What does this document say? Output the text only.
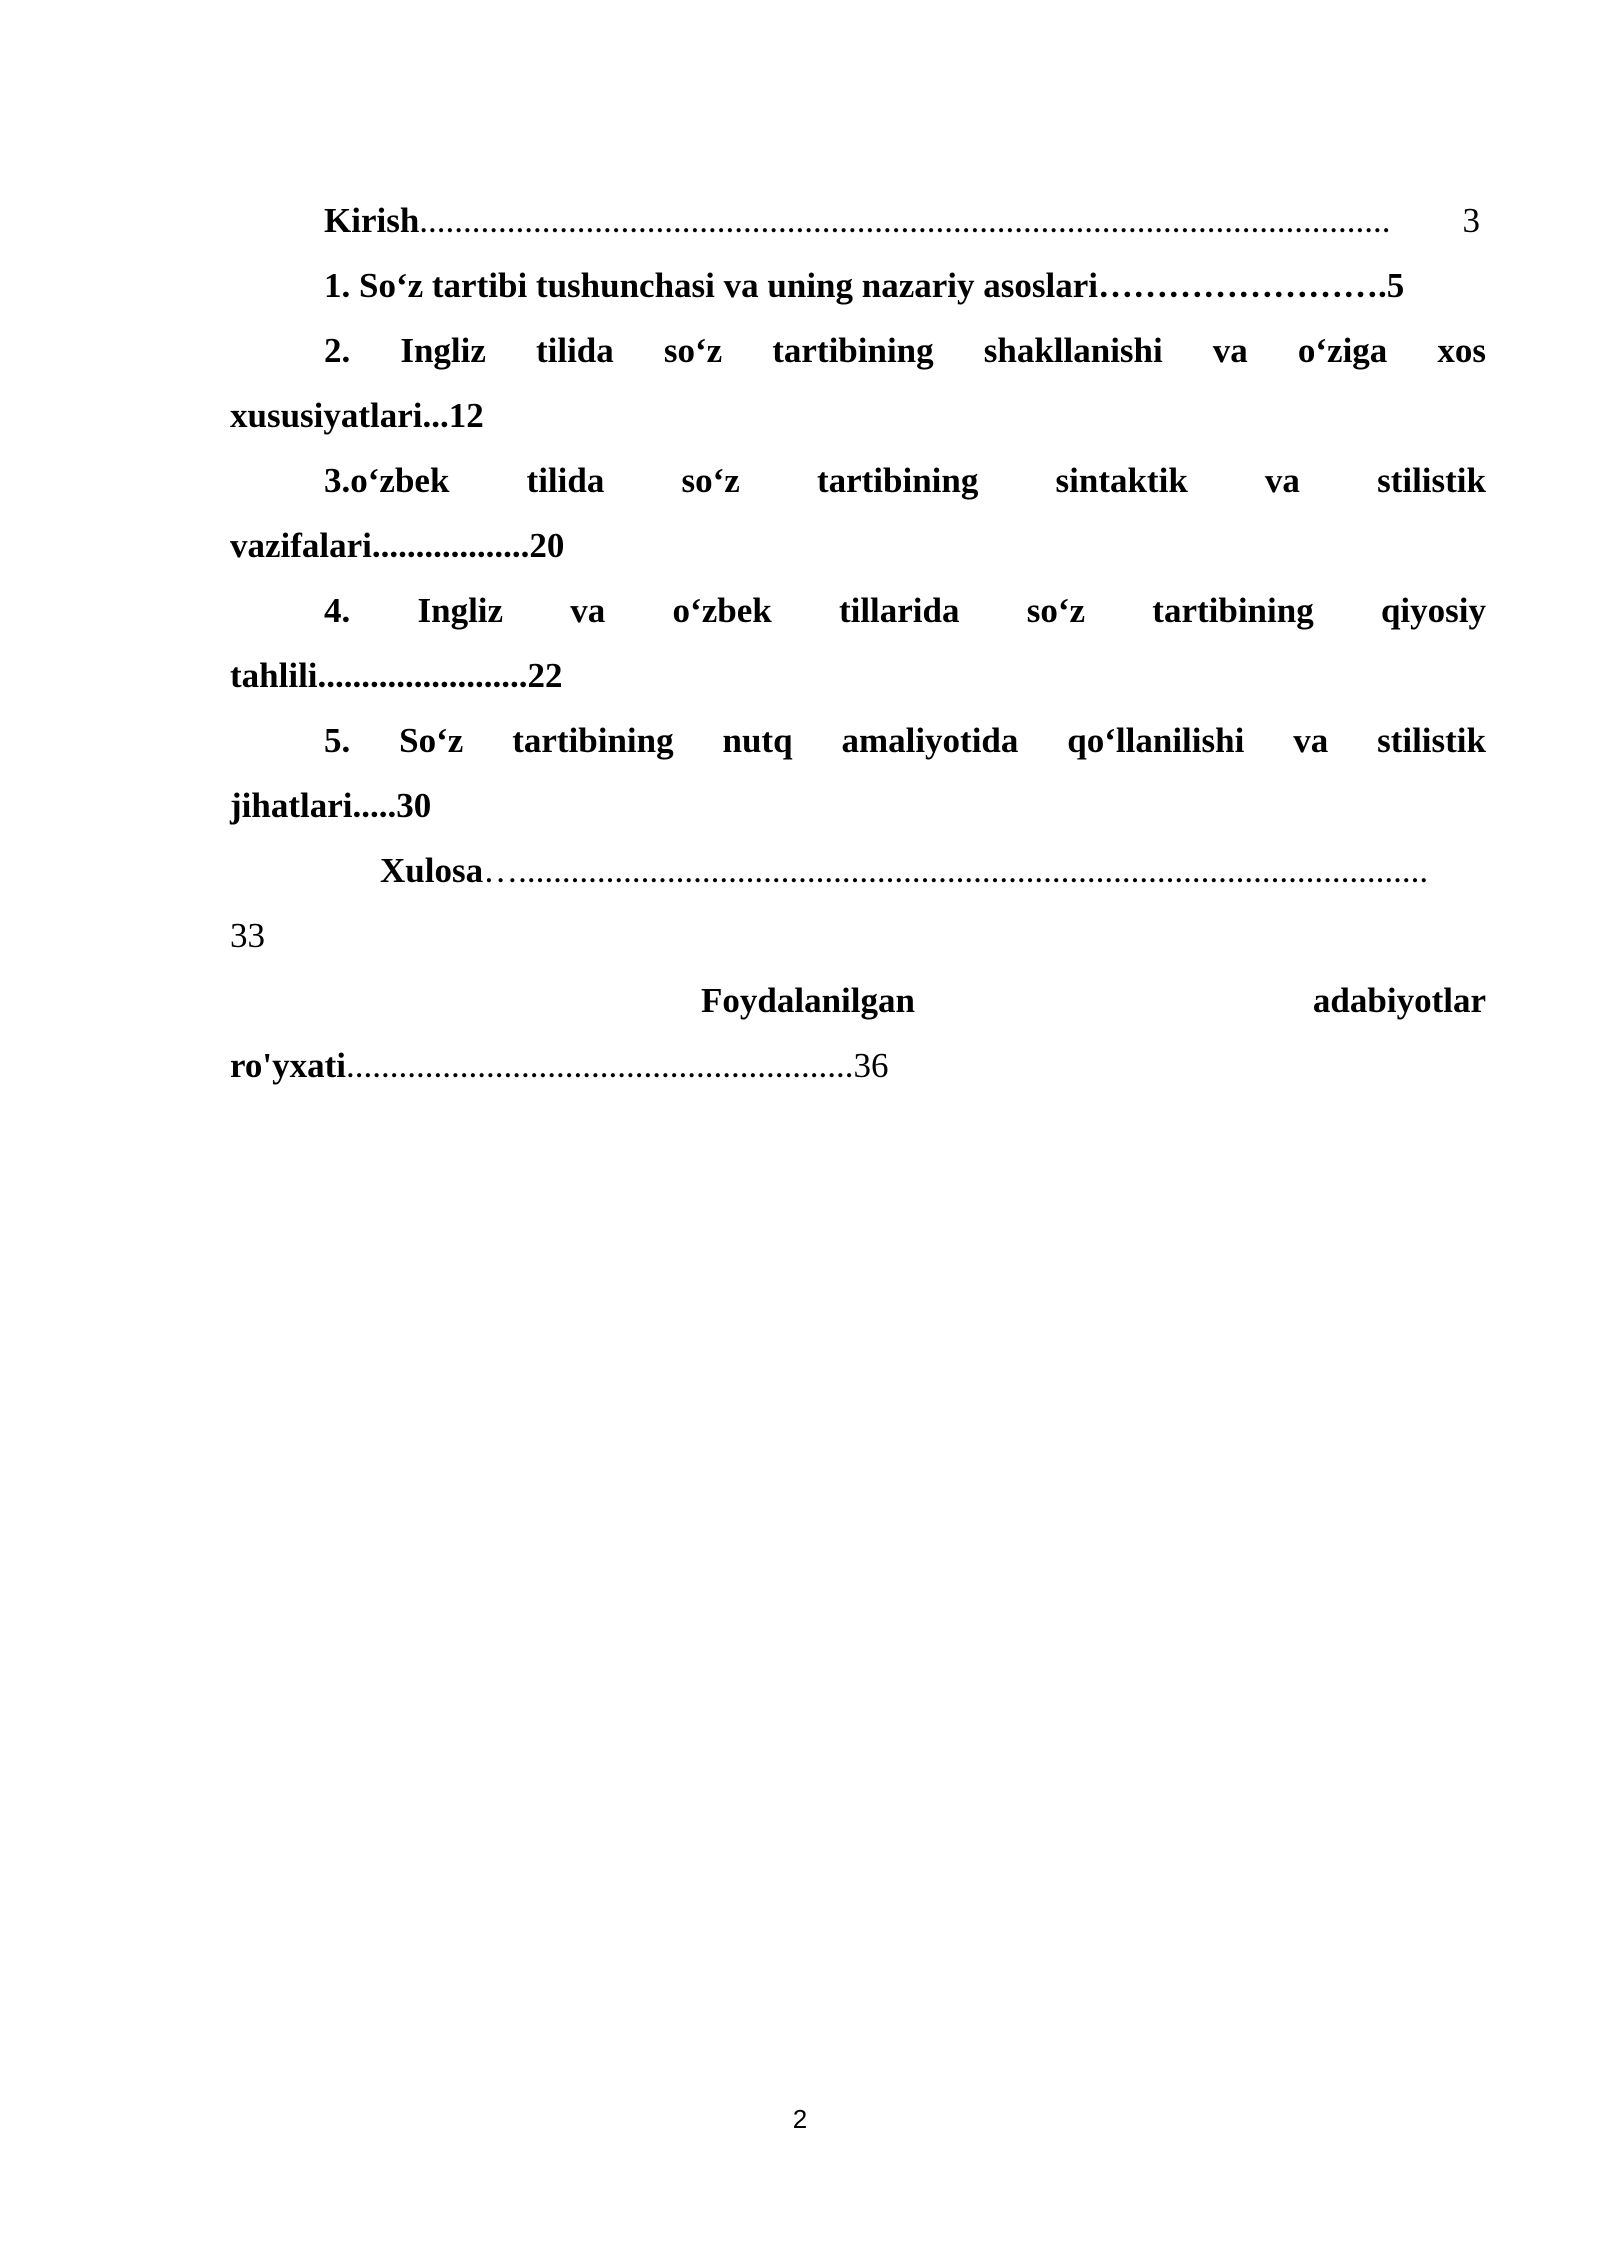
Kirish ...............................................................................................................	3
1. So‘z tartibi tushunchasi va uning nazariy asoslari ……………………. 5
2. Ingliz tilida so‘z tartibining shakllanishi va o‘ziga xos
xususiyatlari...12
3.o‘zbek tilida so‘z tartibining sintaktik va stilistik
vazifalari..................20
4. Ingliz va o‘zbek tillarida so‘z tartibining qiyosiy
tahlili........................22
5. So‘z tartibining nutq amaliyotida qo‘llanilishi va stilistik
jihatlari.....30
Xulosa …........................................................................................................
33
Foydalanilgan	adabiyotlar
ro'yxati..........................................................36
2
